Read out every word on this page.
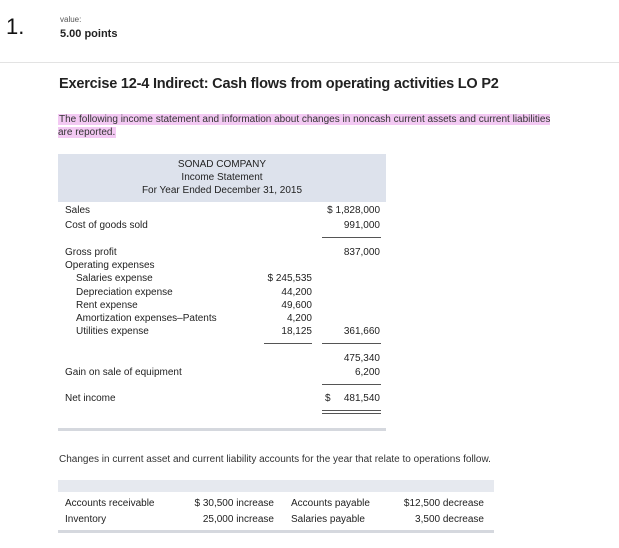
1.	value:
5.00 points
Exercise 12-4 Indirect: Cash flows from operating activities LO P2
The following income statement and information about changes in noncash current assets and current liabilities are reported.
SONAD COMPANY
Income Statement
For Year Ended December 31, 2015
Sales	$ 1,828,000
Cost of goods sold	991,000
Gross profit	837,000
Operating expenses
Salaries expense	$ 245,535
Depreciation expense	44,200
Rent expense	49,600
Amortization expenses–Patents	4,200
Utilities expense	18,125	361,660
475,340
Gain on sale of equipment	6,200
Net income	$	481,540
Changes in current asset and current liability accounts for the year that relate to operations follow.
Accounts receivable	$ 30,500 increase Accounts payable	$12,500 decrease
Inventory	25,000 increase Salaries payable	3,500 decrease
